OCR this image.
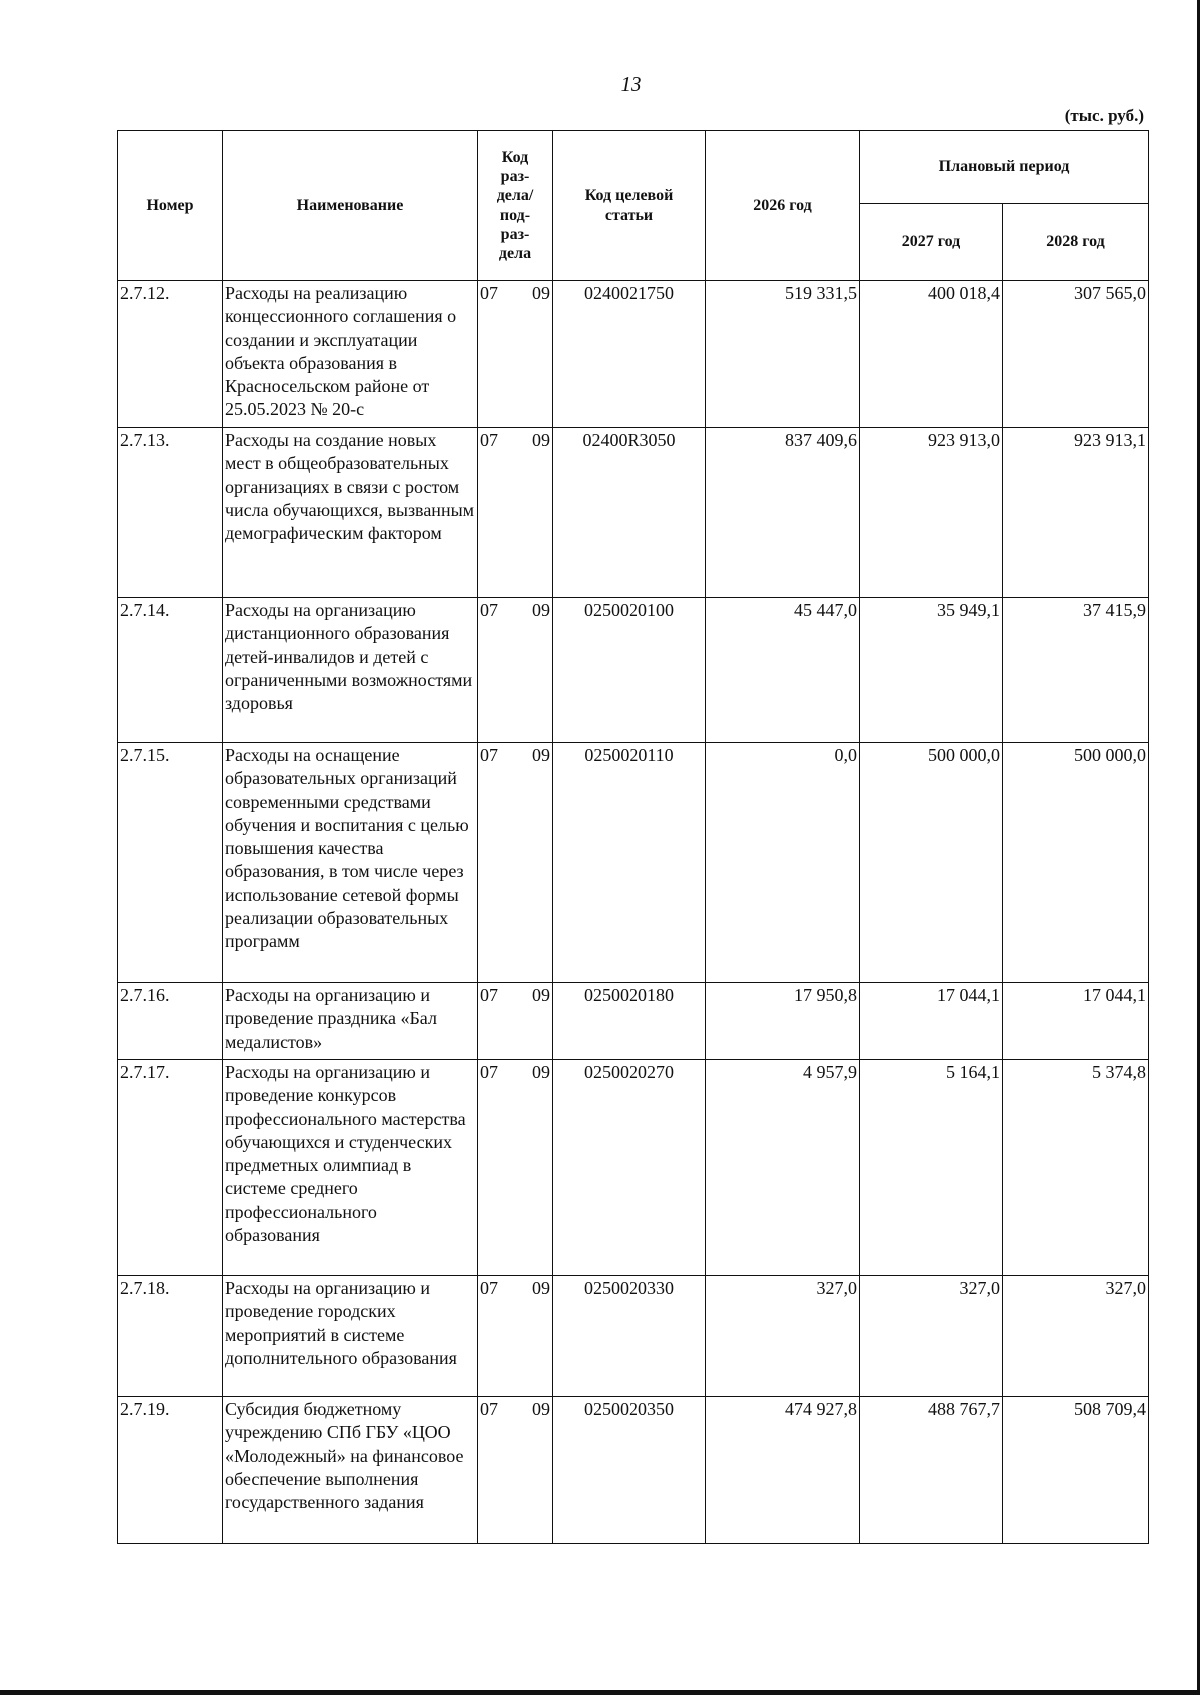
13
(тыс. руб.)
Номер	Наименование	Код раз- дела/ под- раз- дела	Код целевой статьи	2026 год	Плановый период	
					2027 год	2028 год
2.7.12.	Расходы на реализацию концессионного соглашения о создании и эксплуатации объекта образования в Красносельском районе от 25.05.2023 № 20-с	07 09	0240021750	519 331,5	400 018,4	307 565,0
2.7.13.	Расходы на создание новых мест в общеобразовательных организациях в связи с ростом числа обучающихся, вызванным демографическим фактором	07 09	02400R3050	837 409,6	923 913,0	923 913,1
2.7.14.	Расходы на организацию дистанционного образования детей-инвалидов и детей с ограниченными возможностями здоровья	07 09	0250020100	45 447,0	35 949,1	37 415,9
2.7.15.	Расходы на оснащение образовательных организаций современными средствами обучения и воспитания с целью повышения качества образования, в том числе через использование сетевой формы реализации образовательных программ	07 09	0250020110	0,0	500 000,0	500 000,0
2.7.16.	Расходы на организацию и проведение праздника «Бал медалистов»	07 09	0250020180	17 950,8	17 044,1	17 044,1
2.7.17.	Расходы на организацию и проведение конкурсов профессионального мастерства обучающихся и студенческих предметных олимпиад в системе среднего профессионального образования	07 09	0250020270	4 957,9	5 164,1	5 374,8
2.7.18.	Расходы на организацию и проведение городских мероприятий в системе дополнительного образования	07 09	0250020330	327,0	327,0	327,0
2.7.19.	Субсидия бюджетному учреждению СПб ГБУ «ЦОО «Молодежный» на финансовое обеспечение выполнения государственного задания	07 09	0250020350	474 927,8	488 767,7	508 709,4
